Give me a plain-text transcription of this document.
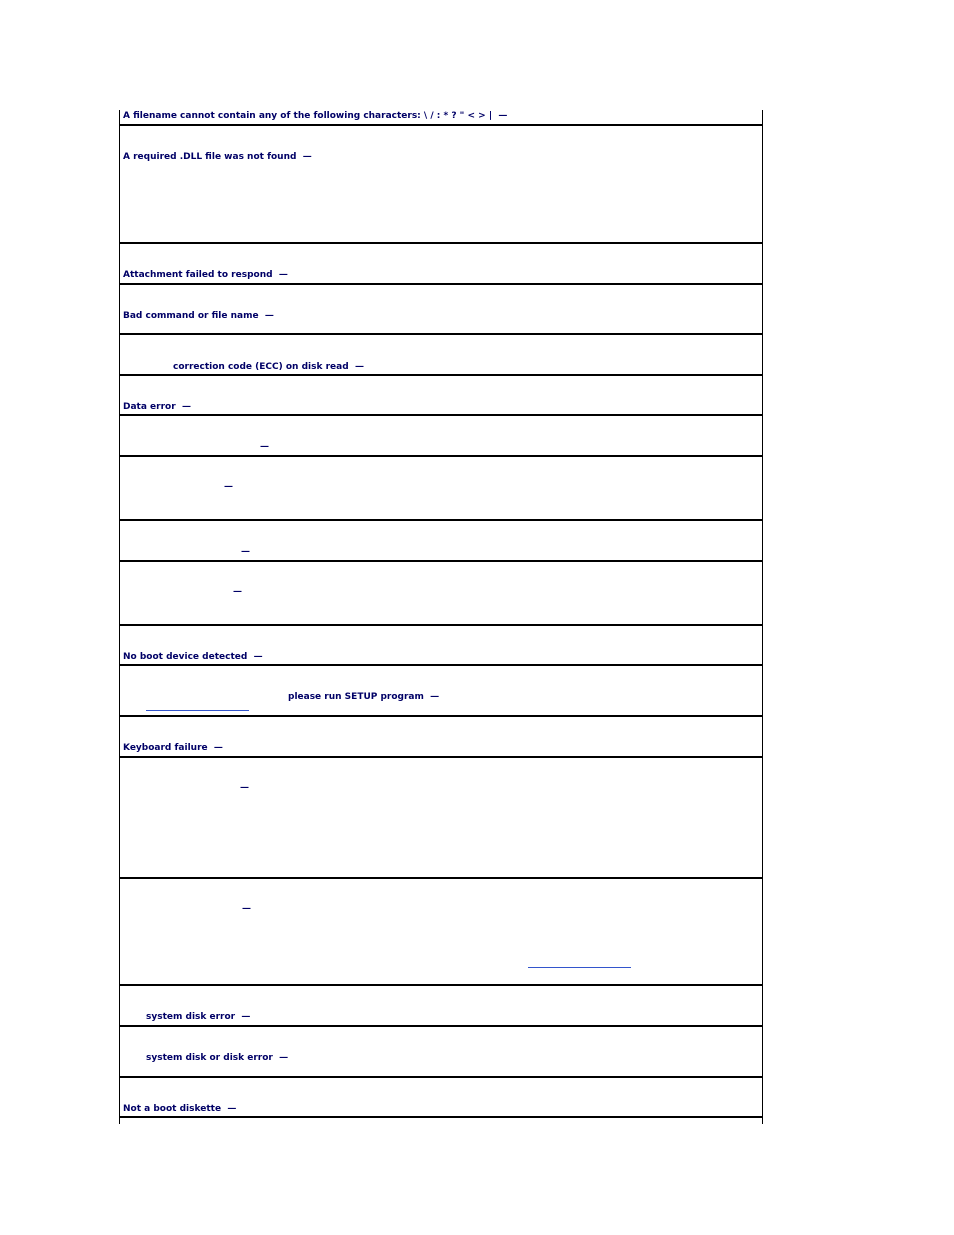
A filename cannot contain any of the following characters: \ / : * ? " < > | —
A required .DLL file was not found —
Attachment failed to respond —
Bad command or file name —
correction code (ECC) on disk read —
Data error —
—
—
—
—
No boot device detected —
please run SETUP program —
Keyboard failure —
—
—
system disk error —
system disk or disk error —
Not a boot diskette —
